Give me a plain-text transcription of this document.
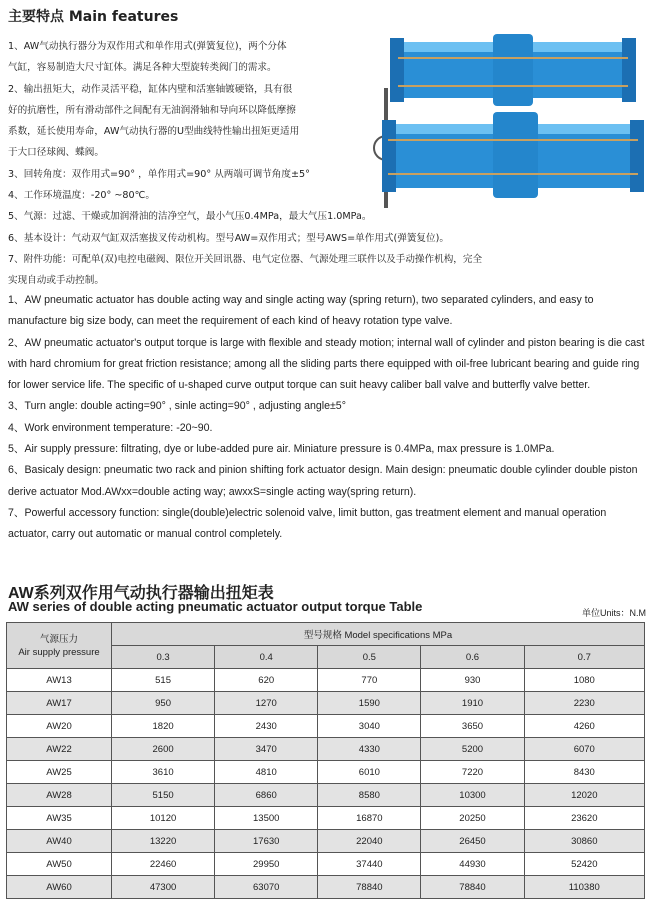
主要特点 Main features

1、AW气动执行器分为双作用式和单作用式(弹簧复位)，两个分体

气缸，容易制造大尺寸缸体。满足各种大型旋转类阀门的需求。

2、输出扭矩大，动作灵活平稳，缸体内壁和活塞轴镀硬铬，具有很

好的抗磨性，所有滑动部件之间配有无油润滑轴和导向环以降低摩擦

系数，延长使用寿命，AW气动执行器的U型曲线特性输出扭矩更适用

于大口径球阀、蝶阀。

3、回转角度：双作用式=90° ，单作用式=90° 从两端可调节角度±5°

4、工作环境温度：-20° ~80℃。

5、气源：过滤、干燥或加润滑油的洁净空气，最小气压0.4MPa，最大气压1.0MPa。

6、基本设计：气动双气缸双活塞拔叉传动机构。型号AW=双作用式；型号AWS=单作用式(弹簧复位)。

7、附件功能：可配单(双)电控电磁阀、限位开关回讯器、电气定位器、气源处理三联件以及手动操作机构，完全

实现自动或手动控制。

1、AW pneumatic actuator has double acting way and single acting way (spring return), two separated cylinders, and easy to manufacture big size body, can meet the requirement of each kind of heavy rotation type valve.

2、AW pneumatic actuator's output torque is large with flexible and steady motion; internal wall of cylinder and piston bearing is die cast with hard chromium for great friction resistance; among all the sliding parts there equipped with oil-free lubricant bearing and guide ring for lower service life. The specific of u-shaped curve output torque can suit heavy caliber ball valve and butterfly valve better.

3、Turn angle: double acting=90° , sinle acting=90° , adjusting angle±5°

4、Work environment temperature: -20~90.

5、Air supply pressure: filtrating, dye or lube-added pure air. Miniature pressure is 0.4MPa, max pressure is 1.0MPa.

6、Basicaly design: pneumatic two rack and pinion shifting fork actuator design. Main design: pneumatic double cylinder double piston derive actuator Mod.AWxx=double acting way; awxxS=single acting way(spring return).

7、Powerful accessory function: single(double)electric solenoid valve, limit button, gas treatment element and manual operation actuator, carry out automatic or manual control completely.

AW系列双作用气动执行器输出扭矩表
AW series of double acting pneumatic actuator output torque Table	单位Units：N.M
气源压力
Air supply pressure	型号规格 Model specifications MPa				
	0.3	0.4	0.5	0.6	0.7
AW13	515	620	770	930	1080
AW17	950	1270	1590	1910	2230
AW20	1820	2430	3040	3650	4260
AW22	2600	3470	4330	5200	6070
AW25	3610	4810	6010	7220	8430
AW28	5150	6860	8580	10300	12020
AW35	10120	13500	16870	20250	23620
AW40	13220	17630	22040	26450	30860
AW50	22460	29950	37440	44930	52420
AW60	47300	63070	78840	78840	110380
